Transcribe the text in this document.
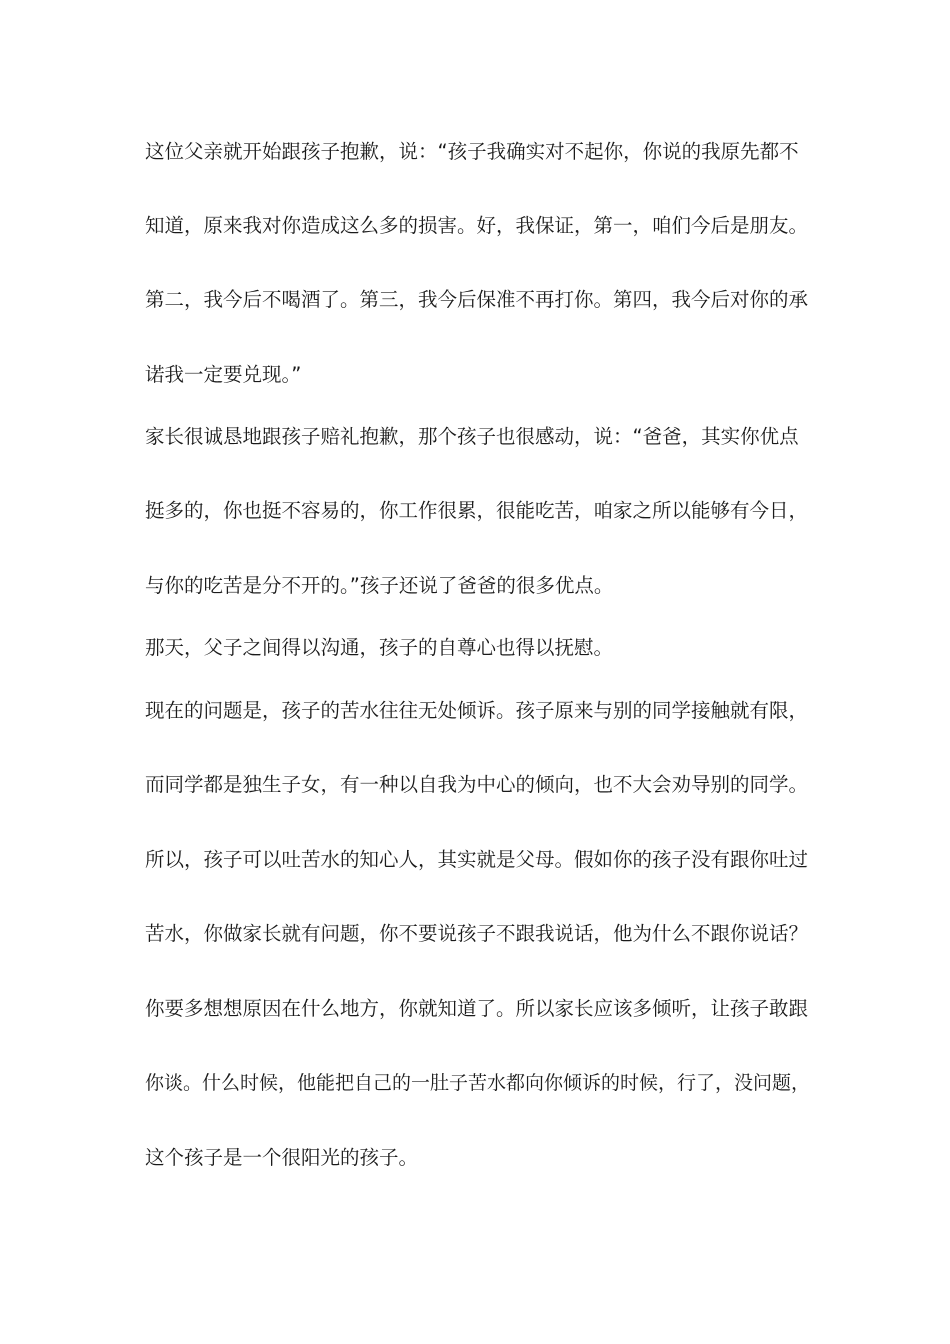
这位父亲就开始跟孩子抱歉，说：“孩子我确实对不起你，你说的我原先都不
知道，原来我对你造成这么多的损害。好，我保证，第一，咱们今后是朋友。
第二，我今后不喝酒了。第三，我今后保准不再打你。第四，我今后对你的承
诺我一定要兑现。”
家长很诚恳地跟孩子赔礼抱歉，那个孩子也很感动，说：“爸爸，其实你优点
挺多的，你也挺不容易的，你工作很累，很能吃苦，咱家之所以能够有今日，
与你的吃苦是分不开的。”孩子还说了爸爸的很多优点。
那天，父子之间得以沟通，孩子的自尊心也得以抚慰。
现在的问题是，孩子的苦水往往无处倾诉。孩子原来与别的同学接触就有限，
而同学都是独生子女，有一种以自我为中心的倾向，也不大会劝导别的同学。
所以，孩子可以吐苦水的知心人，其实就是父母。假如你的孩子没有跟你吐过
苦水，你做家长就有问题，你不要说孩子不跟我说话，他为什么不跟你说话？
你要多想想原因在什么地方，你就知道了。所以家长应该多倾听，让孩子敢跟
你谈。什么时候，他能把自己的一肚子苦水都向你倾诉的时候，行了，没问题，
这个孩子是一个很阳光的孩子。
